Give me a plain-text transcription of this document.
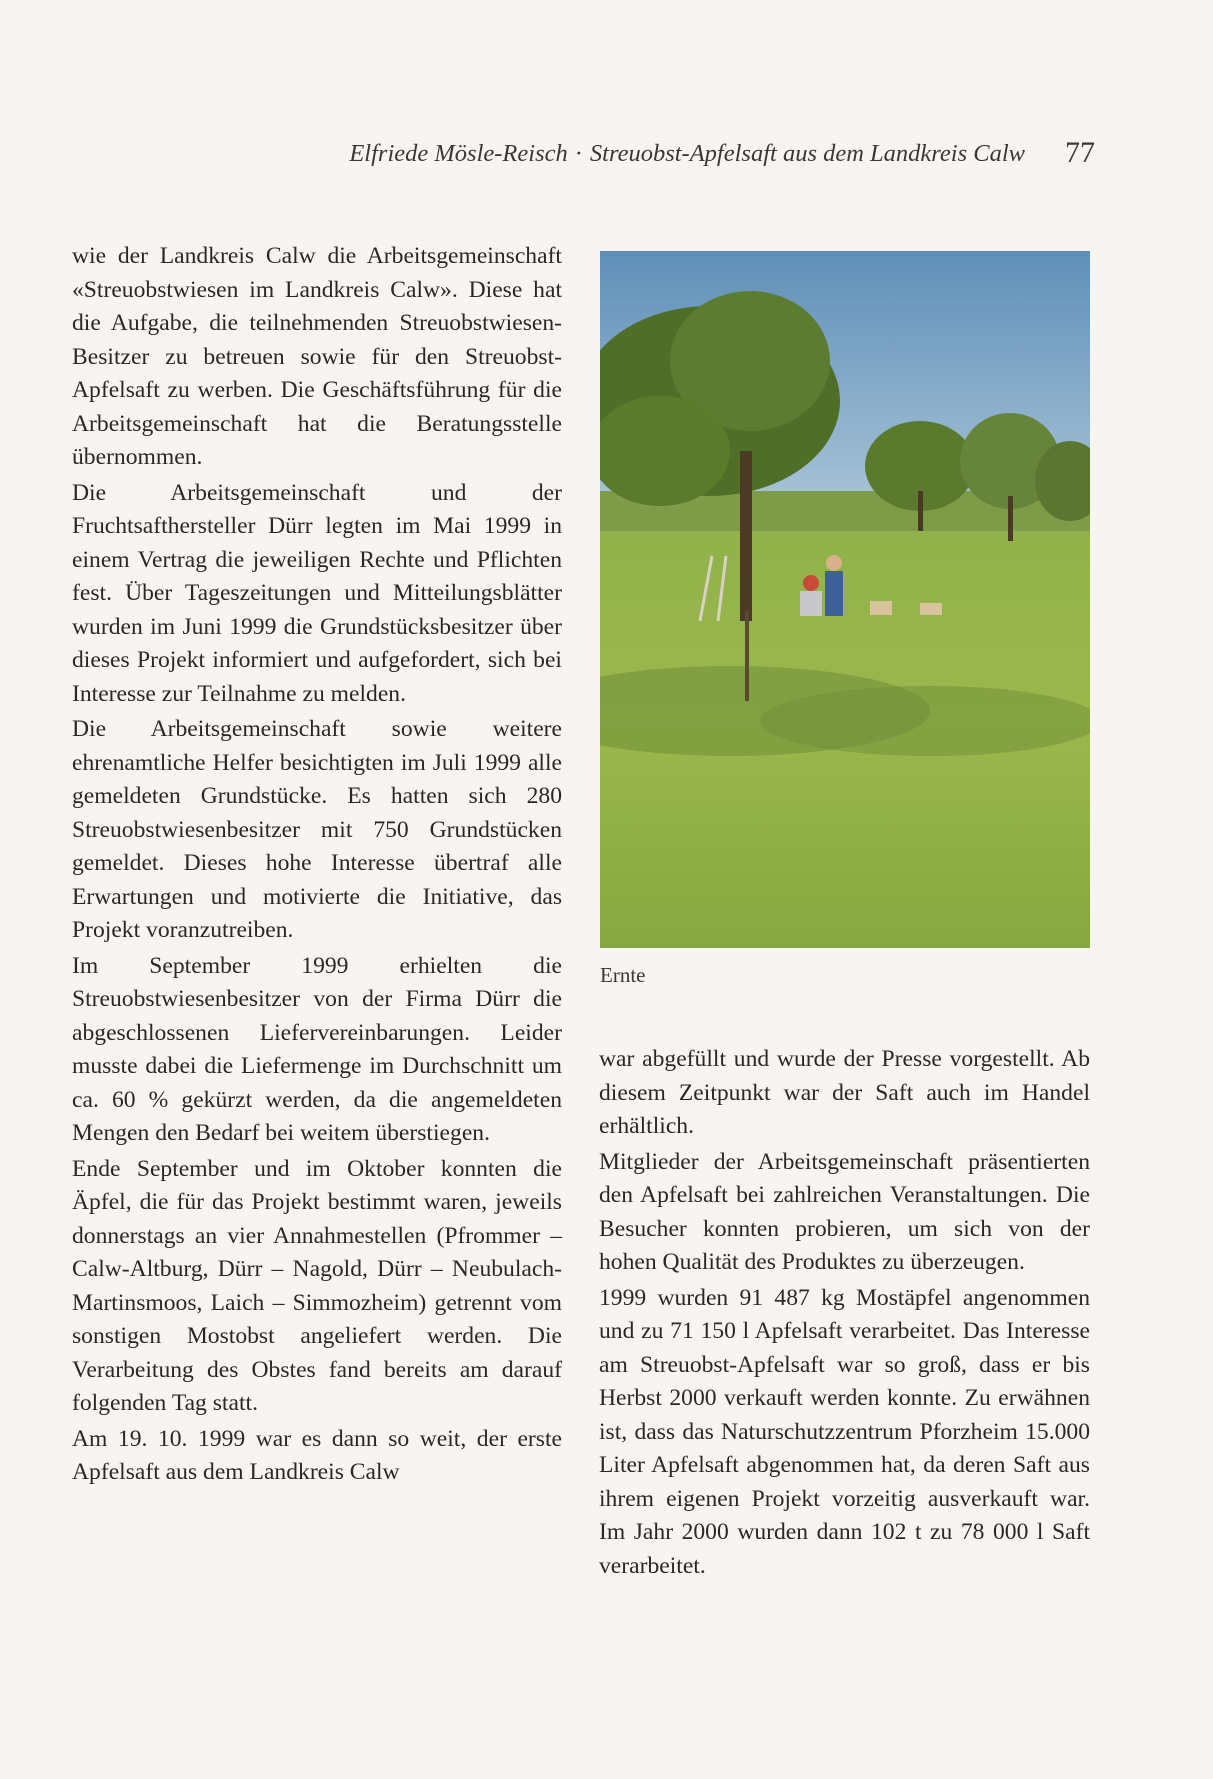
Elfriede Mösle-Reisch · Streuobst-Apfelsaft aus dem Landkreis Calw 77

wie der Landkreis Calw die Arbeitsgemeinschaft «Streuobstwiesen im Landkreis Calw». Diese hat die Aufgabe, die teilnehmenden Streuobstwiesen-Besitzer zu betreuen sowie für den Streuobst-Apfelsaft zu werben. Die Geschäftsführung für die Arbeitsgemeinschaft hat die Beratungsstelle übernommen.

Die Arbeitsgemeinschaft und der Fruchtsafthersteller Dürr legten im Mai 1999 in einem Vertrag die jeweiligen Rechte und Pflichten fest. Über Tageszeitungen und Mitteilungsblätter wurden im Juni 1999 die Grundstücksbesitzer über dieses Projekt informiert und aufgefordert, sich bei Interesse zur Teilnahme zu melden.

Die Arbeitsgemeinschaft sowie weitere ehrenamtliche Helfer besichtigten im Juli 1999 alle gemeldeten Grundstücke. Es hatten sich 280 Streuobstwiesenbesitzer mit 750 Grundstücken gemeldet. Dieses hohe Interesse übertraf alle Erwartungen und motivierte die Initiative, das Projekt voranzutreiben.

Im September 1999 erhielten die Streuobstwiesenbesitzer von der Firma Dürr die abgeschlossenen Liefervereinbarungen. Leider musste dabei die Liefermenge im Durchschnitt um ca. 60 % gekürzt werden, da die angemeldeten Mengen den Bedarf bei weitem überstiegen.

Ende September und im Oktober konnten die Äpfel, die für das Projekt bestimmt waren, jeweils donnerstags an vier Annahmestellen (Pfrommer – Calw-Altburg, Dürr – Nagold, Dürr – Neubulach-Martinsmoos, Laich – Simmozheim) getrennt vom sonstigen Mostobst angeliefert werden. Die Verarbeitung des Obstes fand bereits am darauf folgenden Tag statt.

Am 19. 10. 1999 war es dann so weit, der erste Apfelsaft aus dem Landkreis Calw

Ernte

war abgefüllt und wurde der Presse vorgestellt. Ab diesem Zeitpunkt war der Saft auch im Handel erhältlich.

Mitglieder der Arbeitsgemeinschaft präsentierten den Apfelsaft bei zahlreichen Veranstaltungen. Die Besucher konnten probieren, um sich von der hohen Qualität des Produktes zu überzeugen.

1999 wurden 91 487 kg Mostäpfel angenommen und zu 71 150 l Apfelsaft verarbeitet. Das Interesse am Streuobst-Apfelsaft war so groß, dass er bis Herbst 2000 verkauft werden konnte. Zu erwähnen ist, dass das Naturschutzzentrum Pforzheim 15.000 Liter Apfelsaft abgenommen hat, da deren Saft aus ihrem eigenen Projekt vorzeitig ausverkauft war. Im Jahr 2000 wurden dann 102 t zu 78 000 l Saft verarbeitet.
